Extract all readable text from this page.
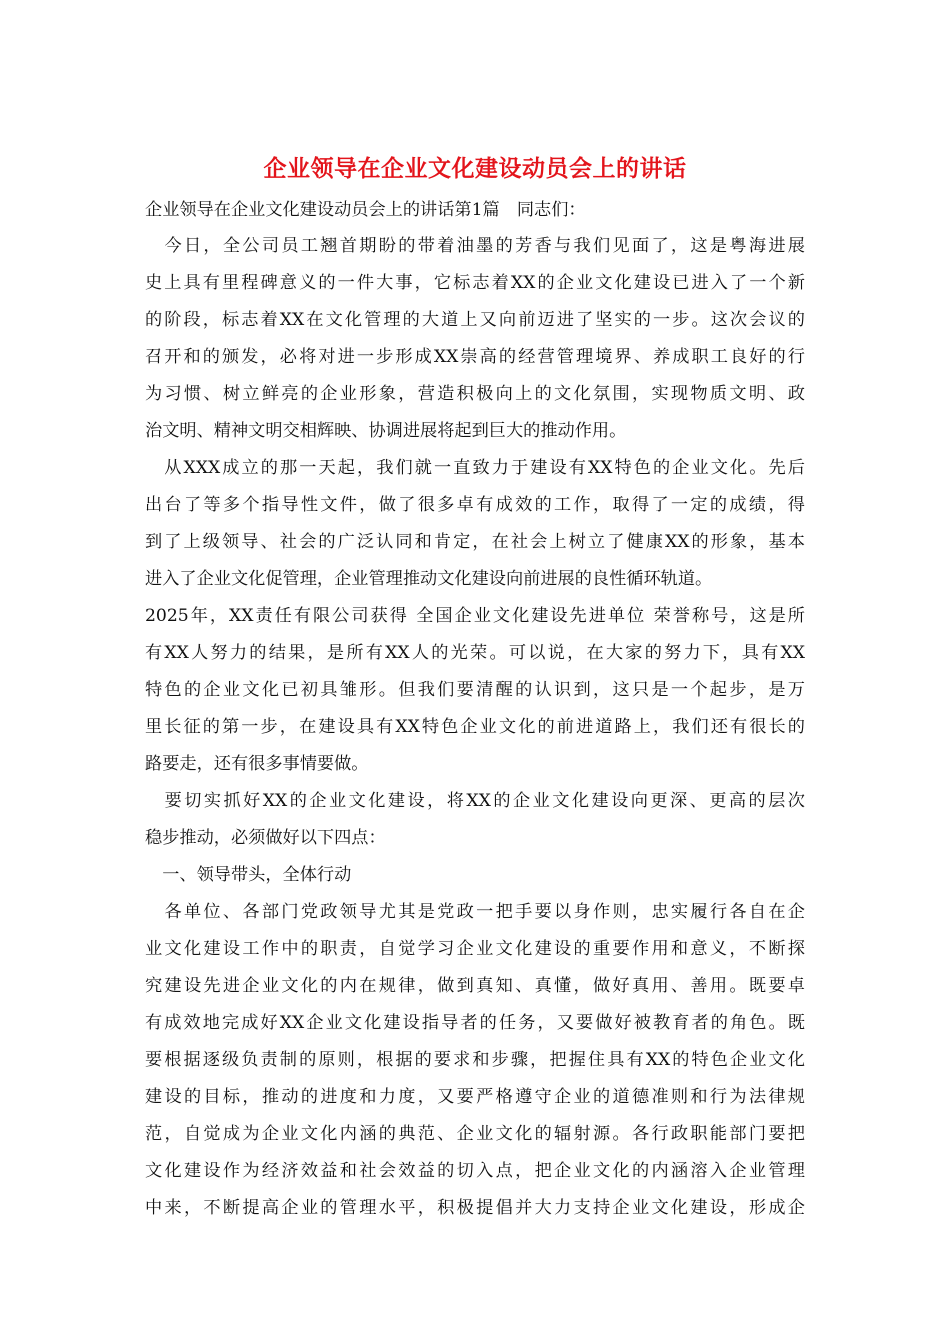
企业领导在企业文化建设动员会上的讲话
企业领导在企业文化建设动员会上的讲话第1篇　同志们：
　今日，全公司员工翘首期盼的带着油墨的芳香与我们见面了，这是粤海进展
史上具有里程碑意义的一件大事，它标志着XX的企业文化建设已进入了一个新
的阶段，标志着XX在文化管理的大道上又向前迈进了坚实的一步。这次会议的
召开和的颁发，必将对进一步形成XX崇高的经营管理境界、养成职工良好的行
为习惯、树立鲜亮的企业形象，营造积极向上的文化氛围，实现物质文明、政
治文明、精神文明交相辉映、协调进展将起到巨大的推动作用。
　从XXX成立的那一天起，我们就一直致力于建设有XX特色的企业文化。先后
出台了等多个指导性文件，做了很多卓有成效的工作，取得了一定的成绩，得
到了上级领导、社会的广泛认同和肯定，在社会上树立了健康XX的形象，基本
进入了企业文化促管理，企业管理推动文化建设向前进展的良性循环轨道。
2025年，XX责任有限公司获得 全国企业文化建设先进单位 荣誉称号，这是所
有XX人努力的结果，是所有XX人的光荣。可以说，在大家的努力下，具有XX
特色的企业文化已初具雏形。但我们要清醒的认识到，这只是一个起步，是万
里长征的第一步，在建设具有XX特色企业文化的前进道路上，我们还有很长的
路要走，还有很多事情要做。
　要切实抓好XX的企业文化建设，将XX的企业文化建设向更深、更高的层次
稳步推动，必须做好以下四点：
　一、领导带头，全体行动
　各单位、各部门党政领导尤其是党政一把手要以身作则，忠实履行各自在企
业文化建设工作中的职责，自觉学习企业文化建设的重要作用和意义，不断探
究建设先进企业文化的内在规律，做到真知、真懂，做好真用、善用。既要卓
有成效地完成好XX企业文化建设指导者的任务，又要做好被教育者的角色。既
要根据逐级负责制的原则，根据的要求和步骤，把握住具有XX的特色企业文化
建设的目标，推动的进度和力度，又要严格遵守企业的道德准则和行为法律规
范，自觉成为企业文化内涵的典范、企业文化的辐射源。各行政职能部门要把
文化建设作为经济效益和社会效益的切入点，把企业文化的内涵溶入企业管理
中来，不断提高企业的管理水平，积极提倡并大力支持企业文化建设，形成企
